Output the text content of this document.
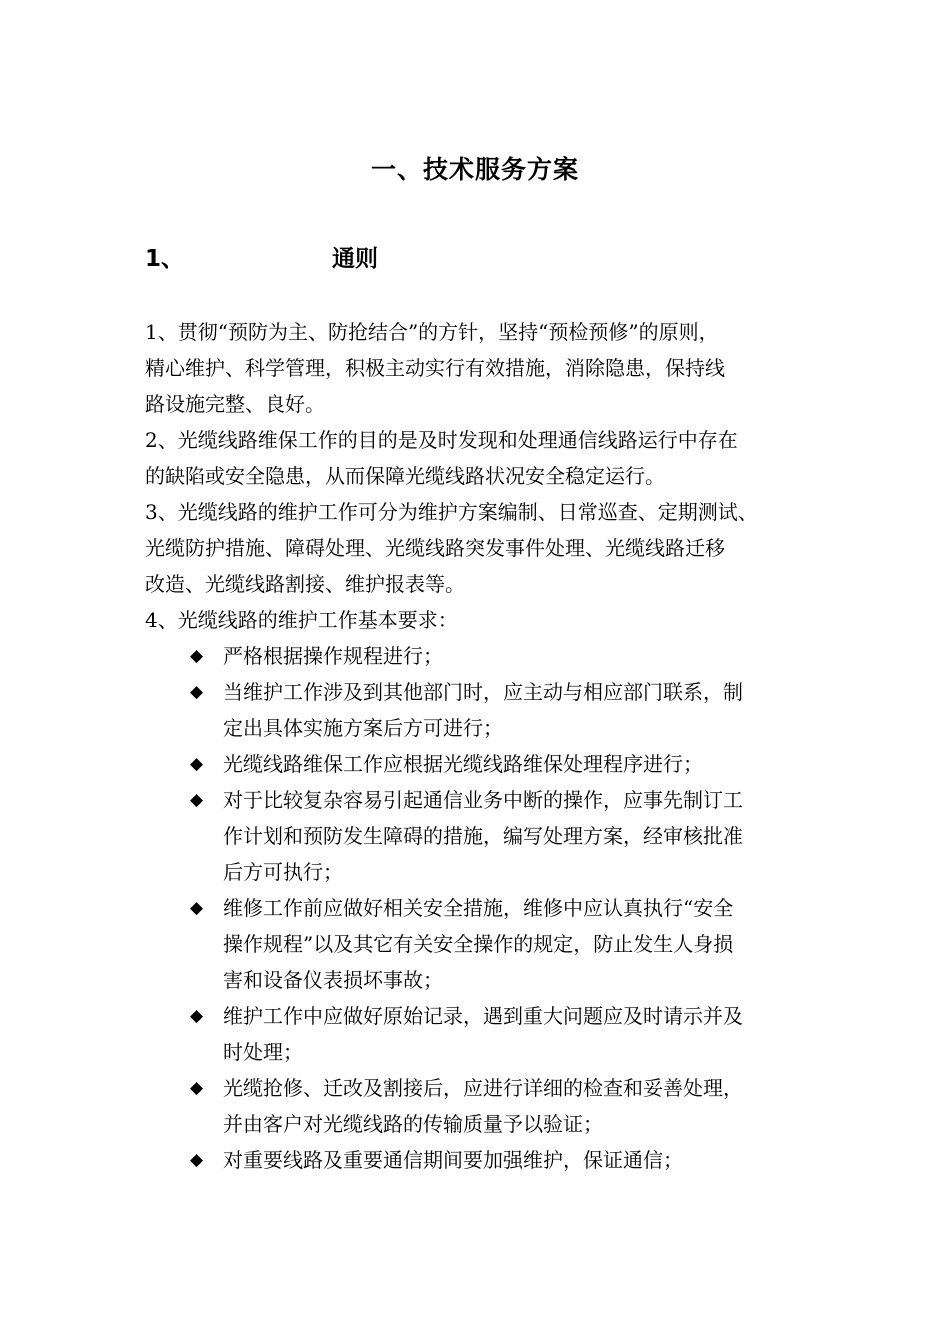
一、技术服务方案
1、	通则

1、贯彻“预防为主、防抢结合”的方针，坚持“预检预修”的原则，
精心维护、科学管理，积极主动实行有效措施，消除隐患，保持线
路设施完整、良好。

2、光缆线路维保工作的目的是及时发现和处理通信线路运行中存在
的缺陷或安全隐患，从而保障光缆线路状况安全稳定运行。

3、光缆线路的维护工作可分为维护方案编制、日常巡查、定期测试、
光缆防护措施、障碍处理、光缆线路突发事件处理、光缆线路迁移
改造、光缆线路割接、维护报表等。

4、光缆线路的维护工作基本要求：

◆ 严格根据操作规程进行；
◆ 当维护工作涉及到其他部门时，应主动与相应部门联系，制
定出具体实施方案后方可进行；
◆ 光缆线路维保工作应根据光缆线路维保处理程序进行；
◆ 对于比较复杂容易引起通信业务中断的操作，应事先制订工
作计划和预防发生障碍的措施，编写处理方案，经审核批准
后方可执行；
◆ 维修工作前应做好相关安全措施，维修中应认真执行“安全
操作规程”以及其它有关安全操作的规定，防止发生人身损
害和设备仪表损坏事故；
◆ 维护工作中应做好原始记录，遇到重大问题应及时请示并及
时处理；
◆ 光缆抢修、迁改及割接后，应进行详细的检查和妥善处理，
并由客户对光缆线路的传输质量予以验证；
◆ 对重要线路及重要通信期间要加强维护，保证通信；
